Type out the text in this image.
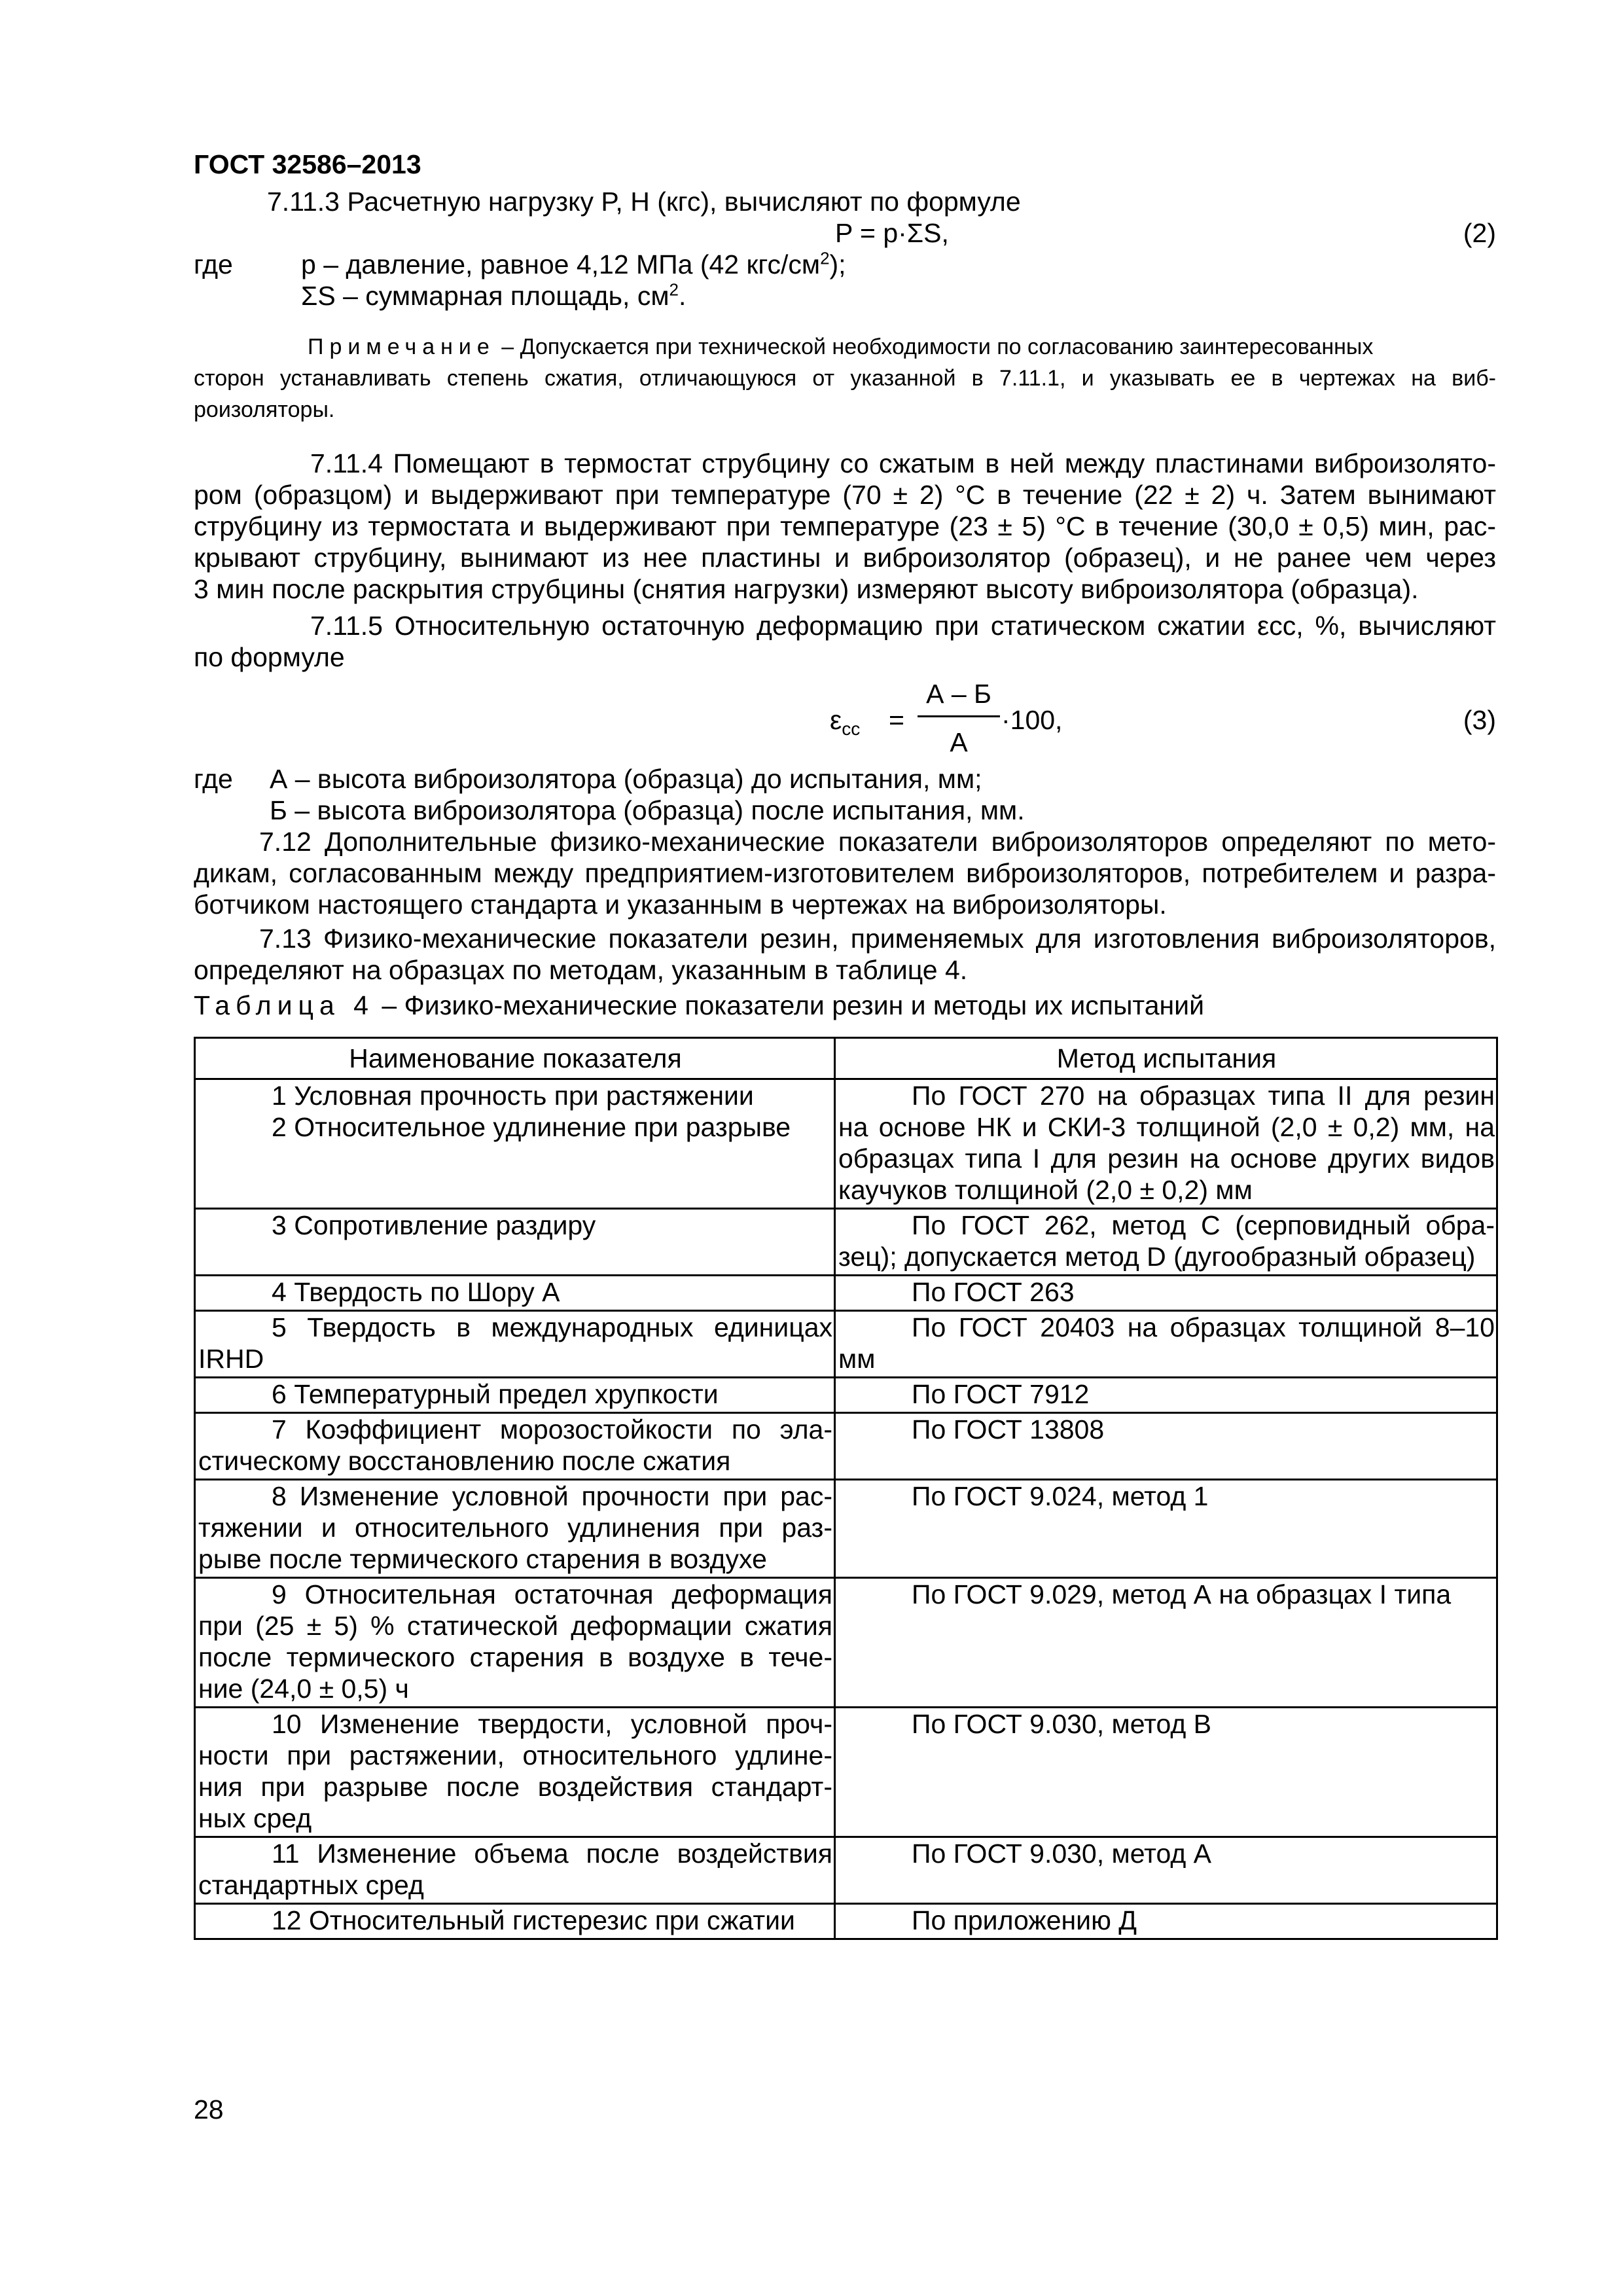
ГОСТ 32586–2013
7.11.3 Расчетную нагрузку P, Н (кгс), вычисляют по формуле
P = p·ΣS,	(2)
где	p – давление, равное 4,12 МПа (42 кгс/$см^2$);
ΣS – суммарная площадь, $см^2$.
Примечание – Допускается при технической необходимости по согласованию заинтересованных
сторон устанавливать степень сжатия, отличающуюся от указанной в 7.11.1, и указывать ее в чертежах на виб-
роизоляторы.
7.11.4 Помещают в термостат струбцину со сжатым в ней между пластинами виброизолято-
ром (образцом) и выдерживают при температуре (70 ± 2) °С в течение (22 ± 2) ч. Затем вынимают
струбцину из термостата и выдерживают при температуре (23 ± 5) °С в течение (30,0 ± 0,5) мин, рас-
крывают струбцину, вынимают из нее пластины и виброизолятор (образец), и не ранее чем через
3 мин после раскрытия струбцины (снятия нагрузки) измеряют высоту виброизолятора (образца).
7.11.5 Относительную остаточную деформацию при статическом сжатии εcc, %, вычисляют
по формуле
$\varepsilon_{cc}$ =
А – Б
А
·100,	(3)
где А – высота виброизолятора (образца) до испытания, мм;
Б – высота виброизолятора (образца) после испытания, мм.
7.12 Дополнительные физико-механические показатели виброизоляторов определяют по мето-
дикам, согласованным между предприятием-изготовителем виброизоляторов, потребителем и разра-
ботчиком настоящего стандарта и указанным в чертежах на виброизоляторы.
7.13 Физико-механические показатели резин, применяемых для изготовления виброизоляторов,
определяют на образцах по методам, указанным в таблице 4.
Таблица 4 – Физико-механические показатели резин и методы их испытаний
Наименование показателя	Метод испытания

1 Условная прочность при растяжении
2 Относительное удлинение при разрыве	По ГОСТ 270 на образцах типа II для резин
на основе НК и СКИ-3 толщиной (2,0 ± 0,2) мм, на
образцах типа I для резин на основе других видов
каучуков толщиной (2,0 ± 0,2) мм

3 Сопротивление раздиру	По ГОСТ 262, метод С (серповидный обра-
зец); допускается метод D (дугообразный образец)

4 Твердость по Шору А	По ГОСТ 263

5 Твердость в международных единицах
IRHD	По ГОСТ 20403 на образцах толщиной 8–10
мм

6 Температурный предел хрупкости	По ГОСТ 7912

7 Коэффициент морозостойкости по эла-
стическому восстановлению после сжатия	По ГОСТ 13808

8 Изменение условной прочности при рас-
тяжении и относительного удлинения при раз-
рыве после термического старения в воздухе	По ГОСТ 9.024, метод 1

9 Относительная остаточная деформация
при (25 ± 5) % статической деформации сжатия
после термического старения в воздухе в тече-
ние (24,0 ± 0,5) ч	По ГОСТ 9.029, метод А на образцах I типа

10 Изменение твердости, условной проч-
ности при растяжении, относительного удлине-
ния при разрыве после воздействия стандарт-
ных сред	По ГОСТ 9.030, метод В

11 Изменение объема после воздействия
стандартных сред	По ГОСТ 9.030, метод А

12 Относительный гистерезис при сжатии	По приложению Д
28
